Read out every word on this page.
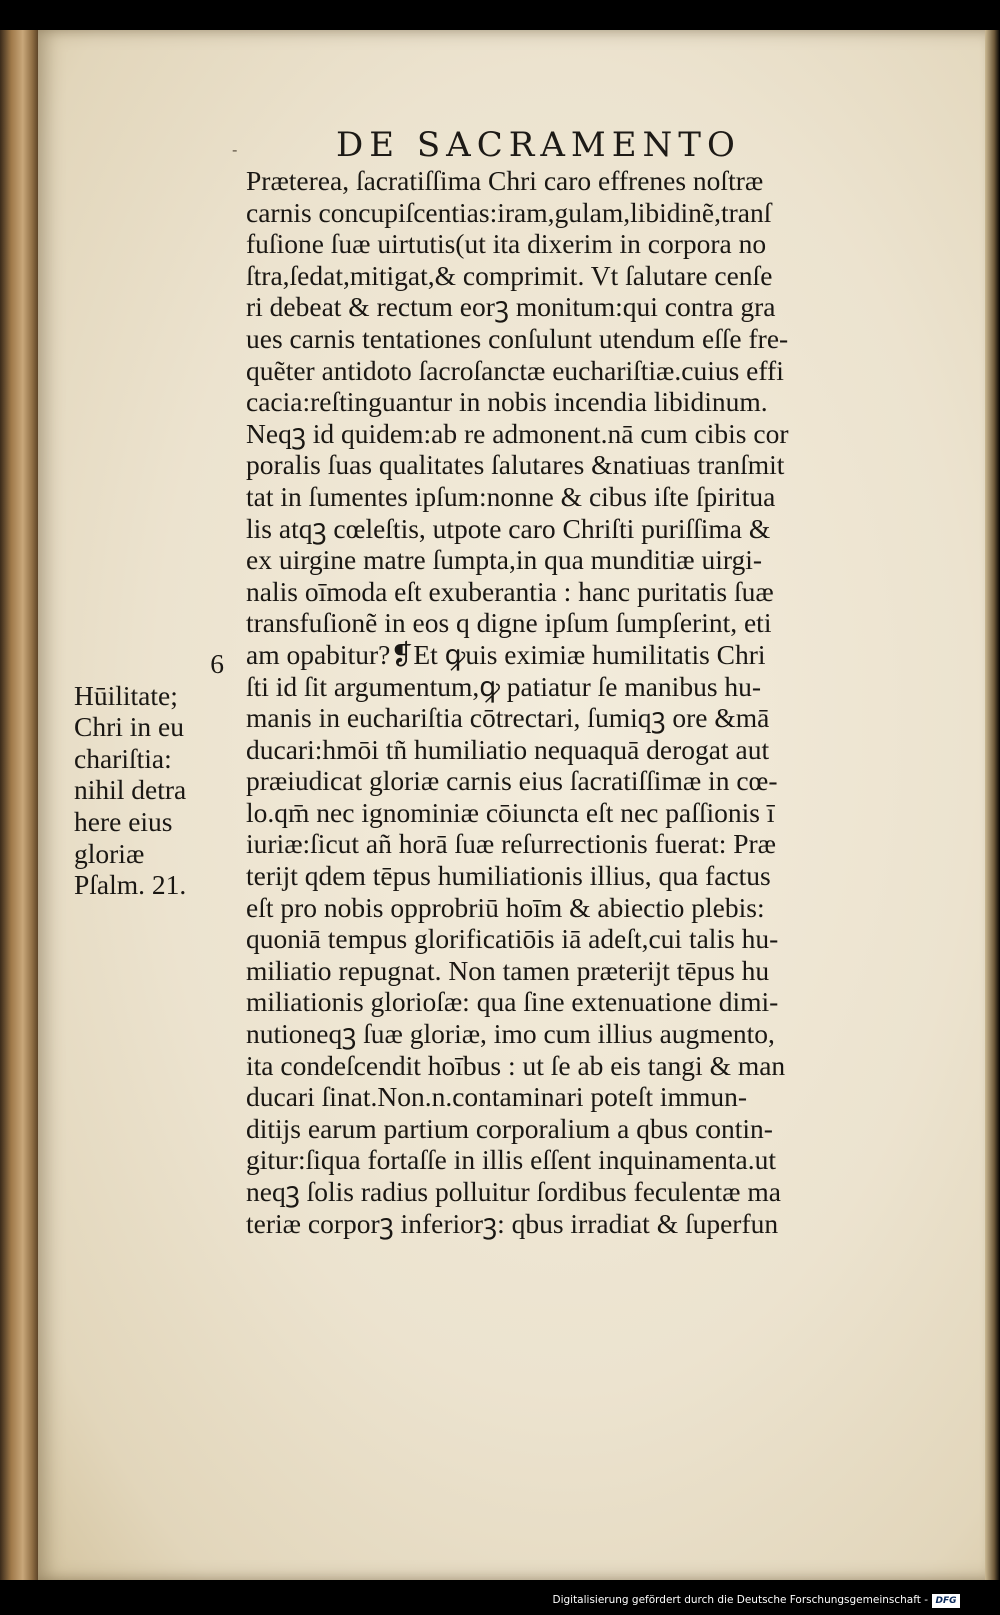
-	DE SACRAMENTO
Præterea, ſacratiſſima Chri caro effrenes noſtræ
carnis concupiſcentias:iram,gulam,libidinẽ,tranſ
fuſione ſuæ uirtutis(ut ita dixerim in corpora no
ſtra,ſedat,mitigat,& comprimit. Vt ſalutare cenſe
ri debeat & rectum eorꝫ monitum:qui contra gra
ues carnis tentationes conſulunt utendum eſſe fre-
quẽter antidoto ſacroſanctæ euchariſtiæ.cuius effi
cacia:reſtinguantur in nobis incendia libidinum.
Neqꝫ id quidem:ab re admonent.nā cum cibis cor
poralis ſuas qualitates ſalutares &natiuas tranſmit
tat in ſumentes ipſum:nonne & cibus iſte ſpiritua
lis atqꝫ cœleſtis, utpote caro Chriſti puriſſima &
ex uirgine matre ſumpta,in qua munditiæ uirgi-
nalis oīmoda eſt exuberantia : hanc puritatis ſuæ
transfuſionẽ in eos q digne ipſum ſumpſerint, eti
am opabitur?❡Et ꝙuis eximiæ humilitatis Chri
ſti id ſit argumentum,ꝙ patiatur ſe manibus hu-
manis in euchariſtia cōtrectari, ſumiqꝫ ore &mā
ducari:hmōi tñ humiliatio nequaquā derogat aut
præiudicat gloriæ carnis eius ſacratiſſimæ in cœ-
lo.qm̄ nec ignominiæ cōiuncta eſt nec paſſionis ī
iuriæ:ſicut añ horā ſuæ reſurrectionis fuerat: Præ
terijt qdem tēpus humiliationis illius, qua factus
eſt pro nobis opprobriū hoīm & abiectio plebis:
quoniā tempus glorificatiōis iā adeſt,cui talis hu-
miliatio repugnat. Non tamen præterijt tēpus hu
miliationis glorioſæ: qua ſine extenuatione dimi-
nutioneqꝫ ſuæ gloriæ, imo cum illius augmento,
ita condeſcendit hoībus : ut ſe ab eis tangi & man
ducari ſinat.Non.n.contaminari poteſt immun-
ditijs earum partium corporalium a qbus contin-
gitur:ſiqua fortaſſe in illis eſſent inquinamenta.ut
neqꝫ ſolis radius polluitur ſordibus feculentæ ma
teriæ corporꝫ inferiorꝫ: qbus irradiat & ſuperfun
6
Hūilitate;
Chri in eu
chariſtia:
nihil detra
here eius
gloriæ
Pſalm. 21.
Digitalisierung gefördert durch die Deutsche Forschungsgemeinschaft - DFG
